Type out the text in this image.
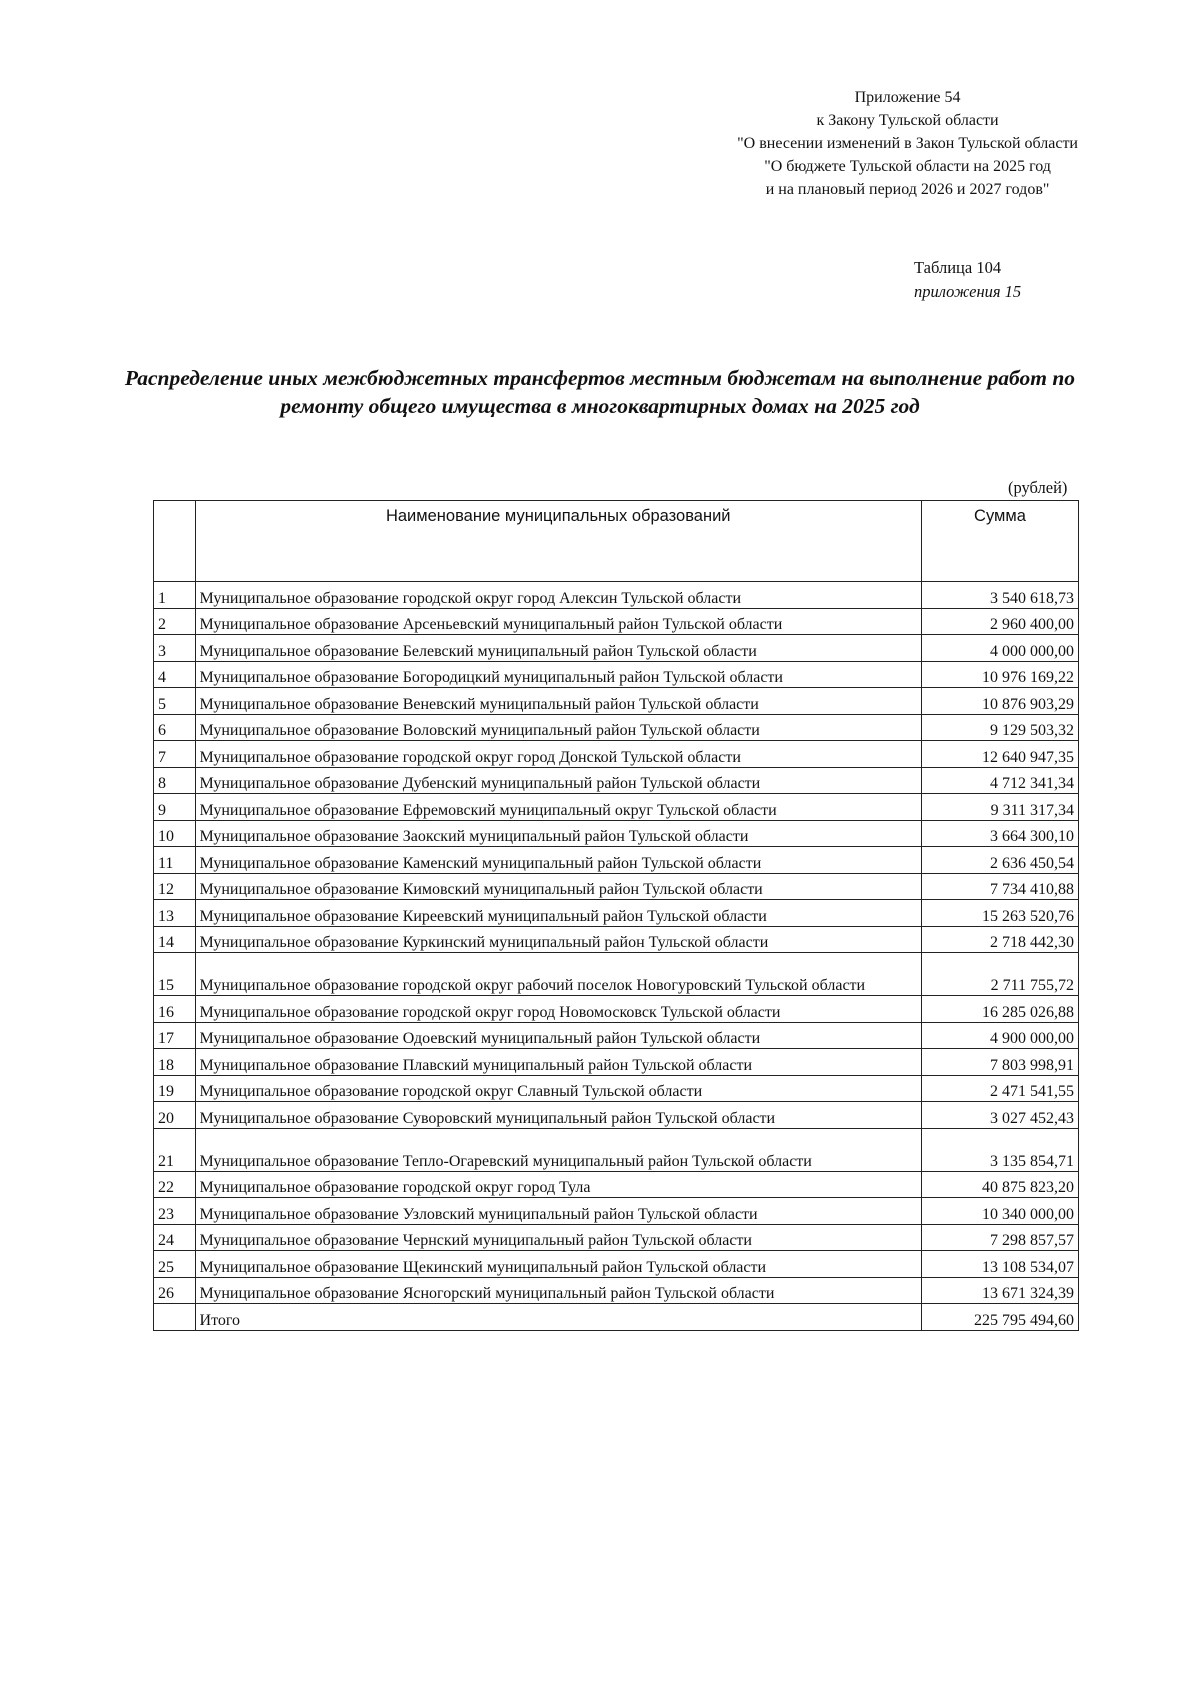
Приложение 54
к Закону Тульской области
"О внесении изменений в Закон Тульской области
"О бюджете Тульской области на 2025 год
и на плановый период 2026 и 2027 годов"
Таблица 104
приложения 15
Распределение иных межбюджетных трансфертов местным бюджетам на выполнение работ по
ремонту общего имущества в многоквартирных домах на 2025 год
(рублей)
	Наименование муниципальных образований	Сумма
1	Муниципальное образование городской округ город Алексин Тульской области	3 540 618,73
2	Муниципальное образование Арсеньевский муниципальный район Тульской области	2 960 400,00
3	Муниципальное образование Белевский муниципальный район Тульской области	4 000 000,00
4	Муниципальное образование Богородицкий муниципальный район Тульской области	10 976 169,22
5	Муниципальное образование Веневский муниципальный район Тульской области	10 876 903,29
6	Муниципальное образование Воловский муниципальный район Тульской области	9 129 503,32
7	Муниципальное образование городской округ город Донской Тульской области	12 640 947,35
8	Муниципальное образование Дубенский муниципальный район Тульской области	4 712 341,34
9	Муниципальное образование Ефремовский муниципальный округ Тульской области	9 311 317,34
10	Муниципальное образование Заокский муниципальный район Тульской области	3 664 300,10
11	Муниципальное образование Каменский муниципальный район Тульской области	2 636 450,54
12	Муниципальное образование Кимовский муниципальный район Тульской области	7 734 410,88
13	Муниципальное образование Киреевский муниципальный район Тульской области	15 263 520,76
14	Муниципальное образование Куркинский муниципальный район Тульской области	2 718 442,30
15	Муниципальное образование городской округ рабочий поселок Новогуровский Тульской области	2 711 755,72
16	Муниципальное образование городской округ город Новомосковск Тульской области	16 285 026,88
17	Муниципальное образование Одоевский муниципальный район Тульской области	4 900 000,00
18	Муниципальное образование Плавский муниципальный район Тульской области	7 803 998,91
19	Муниципальное образование городской округ Славный Тульской области	2 471 541,55
20	Муниципальное образование Суворовский муниципальный район Тульской области	3 027 452,43
21	Муниципальное образование Тепло-Огаревский муниципальный район Тульской области	3 135 854,71
22	Муниципальное образование городской округ город Тула	40 875 823,20
23	Муниципальное образование Узловский муниципальный район Тульской области	10 340 000,00
24	Муниципальное образование Чернский муниципальный район Тульской области	7 298 857,57
25	Муниципальное образование Щекинский муниципальный район Тульской области	13 108 534,07
26	Муниципальное образование Ясногорский муниципальный район Тульской области	13 671 324,39
	Итого	225 795 494,60
